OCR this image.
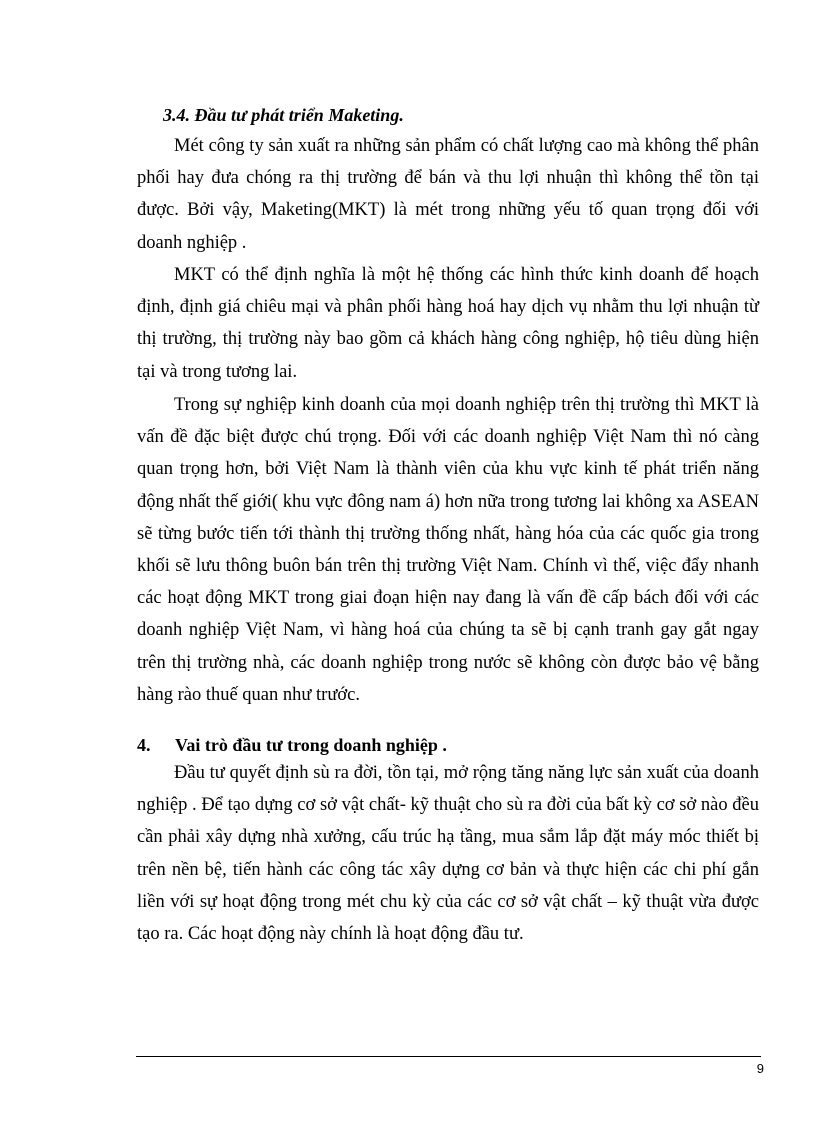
3.4. Đầu tư phát triển Maketing.

Mét công ty sản xuất ra những sản phẩm có chất lượng cao mà không thể phân phối hay đưa chóng ra thị trường để bán và thu lợi nhuận thì không thể tồn tại được. Bởi vậy, Maketing(MKT) là mét trong những yếu tố quan trọng đối với doanh nghiệp .

MKT có thể định nghĩa là một hệ thống các hình thức kinh doanh để hoạch định, định giá chiêu mại và phân phối hàng hoá hay dịch vụ nhằm thu lợi nhuận từ thị trường, thị trường này bao gồm cả khách hàng công nghiệp, hộ tiêu dùng hiện tại và trong tương lai.

Trong sự nghiệp kinh doanh của mọi doanh nghiệp trên thị trường thì MKT là vấn đề đặc biệt được chú trọng. Đối với các doanh nghiệp Việt Nam thì nó càng quan trọng hơn, bởi Việt Nam là thành viên của khu vực kinh tế phát triển năng động nhất thế giới( khu vực đông nam á) hơn nữa trong tương lai không xa ASEAN sẽ từng bước tiến tới thành thị trường thống nhất, hàng hóa của các quốc gia trong khối sẽ lưu thông buôn bán trên thị trường Việt Nam. Chính vì thế, việc đẩy nhanh các hoạt động MKT trong giai đoạn hiện nay đang là vấn đề cấp bách đối với các doanh nghiệp Việt Nam, vì hàng hoá của chúng ta sẽ bị cạnh tranh gay gắt ngay trên thị trường nhà, các doanh nghiệp trong nước sẽ không còn được bảo vệ bằng hàng rào thuế quan như trước.

4. Vai trò đầu tư trong doanh nghiệp .

Đầu tư quyết định sù ra đời, tồn tại, mở rộng tăng năng lực sản xuất của doanh nghiệp . Để tạo dựng cơ sở vật chất- kỹ thuật cho sù ra đời của bất kỳ cơ sở nào đều cần phải xây dựng nhà xưởng, cấu trúc hạ tầng, mua sắm lắp đặt máy móc thiết bị trên nền bệ, tiến hành các công tác xây dựng cơ bản và thực hiện các chi phí gắn liền với sự hoạt động trong mét chu kỳ của các cơ sở vật chất – kỹ thuật vừa được tạo ra. Các hoạt động này chính là hoạt động đầu tư.

9
